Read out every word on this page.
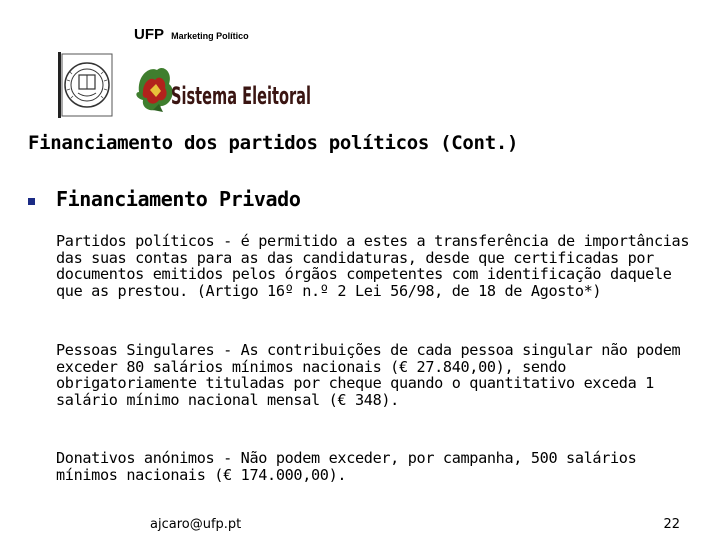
UFP Marketing Político
Sistema Eleitoral
Financiamento dos partidos políticos (Cont.)
Financiamento Privado

Partidos políticos - é permitido a estes a transferência de importâncias das suas contas para as das candidaturas, desde que certificadas por documentos emitidos pelos órgãos competentes com identificação daquele que as prestou. (Artigo 16º n.º 2 Lei 56/98, de 18 de Agosto*)

Pessoas Singulares - As contribuições de cada pessoa singular não podem exceder 80 salários mínimos nacionais (€ 27.840,00), sendo obrigatoriamente tituladas por cheque quando o quantitativo exceda 1 salário mínimo nacional mensal (€ 348).

Donativos anónimos - Não podem exceder, por campanha, 500 salários mínimos nacionais (€ 174.000,00).

ajcaro@ufp.pt	22
